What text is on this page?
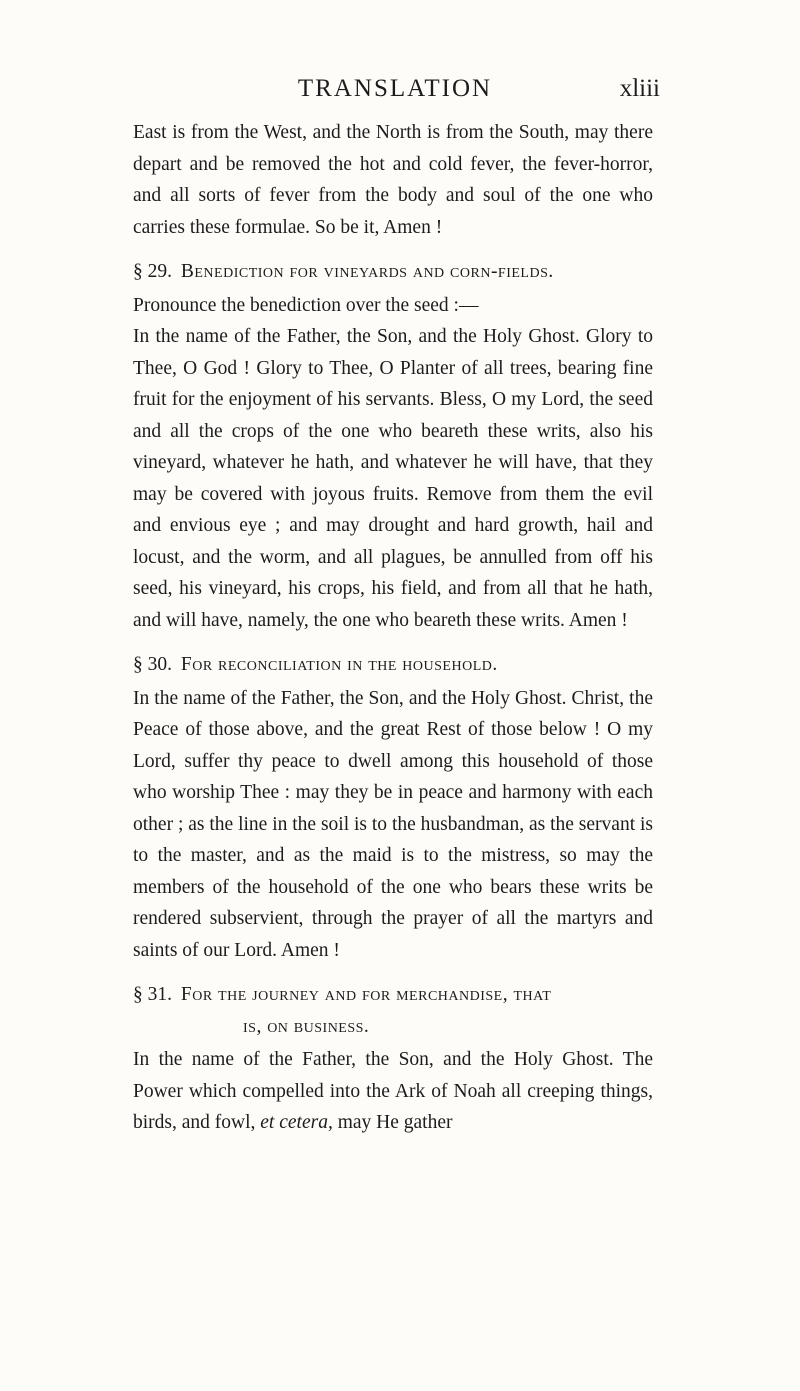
TRANSLATION	xliii

East is from the West, and the North is from the South, may there depart and be removed the hot and cold fever, the fever-horror, and all sorts of fever from the body and soul of the one who carries these formulae. So be it, Amen !

§ 29. Benediction for vineyards and corn-fields.

Pronounce the benediction over the seed :—

In the name of the Father, the Son, and the Holy Ghost. Glory to Thee, O God ! Glory to Thee, O Planter of all trees, bearing fine fruit for the enjoyment of his servants. Bless, O my Lord, the seed and all the crops of the one who beareth these writs, also his vineyard, whatever he hath, and whatever he will have, that they may be covered with joyous fruits. Remove from them the evil and envious eye ; and may drought and hard growth, hail and locust, and the worm, and all plagues, be annulled from off his seed, his vineyard, his crops, his field, and from all that he hath, and will have, namely, the one who beareth these writs. Amen !

§ 30. For reconciliation in the household.

In the name of the Father, the Son, and the Holy Ghost. Christ, the Peace of those above, and the great Rest of those below ! O my Lord, suffer thy peace to dwell among this household of those who worship Thee : may they be in peace and harmony with each other ; as the line in the soil is to the husbandman, as the servant is to the master, and as the maid is to the mistress, so may the members of the household of the one who bears these writs be rendered subservient, through the prayer of all the martyrs and saints of our Lord. Amen !

§ 31. For the journey and for merchandise, that
is, on business.

In the name of the Father, the Son, and the Holy Ghost. The Power which compelled into the Ark of Noah all creeping things, birds, and fowl, et cetera, may He gather
